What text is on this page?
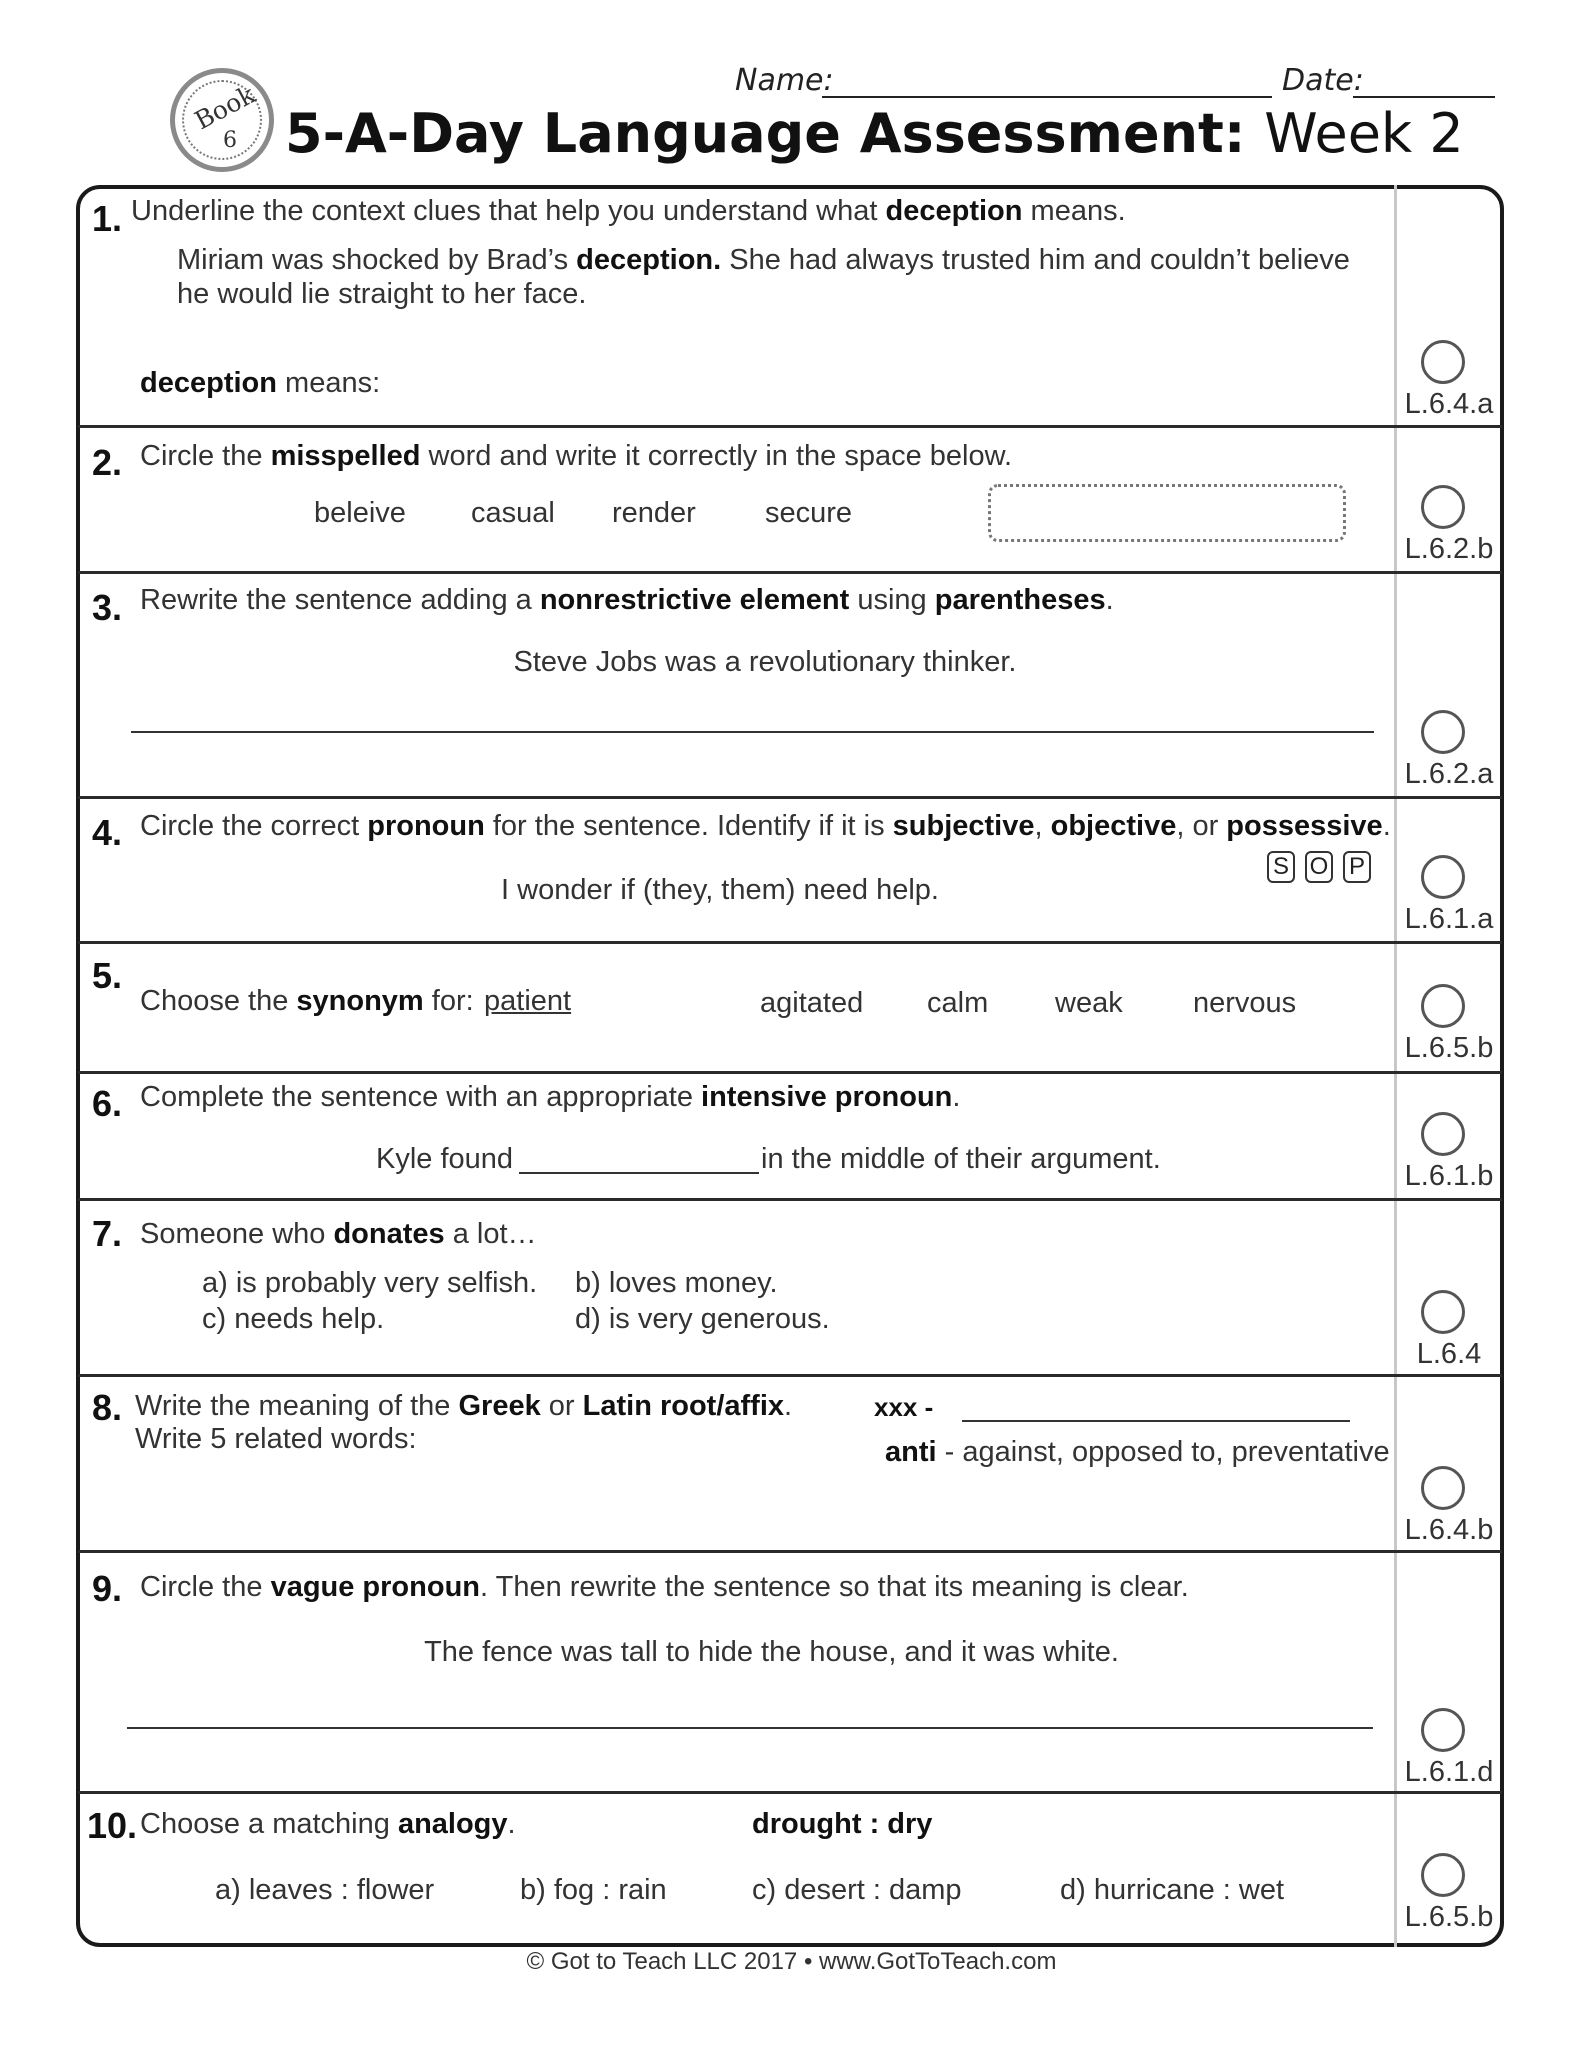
Book
6
Name:	Date:
5-A-Day Language Assessment: Week 2
1. Underline the context clues that help you understand what deception means.
Miriam was shocked by Brad’s deception. She had always trusted him and couldn’t believe
he would lie straight to her face.
deception means:
L.6.4.a
2. Circle the misspelled word and write it correctly in the space below.
beleive casual render secure
L.6.2.b
3. Rewrite the sentence adding a nonrestrictive element using parentheses.
Steve Jobs was a revolutionary thinker.
L.6.2.a
4. Circle the correct pronoun for the sentence. Identify if it is subjective, objective, or possessive.
S O P
I wonder if (they, them) need help.
L.6.1.a
5.
Choose the synonym for: patient	agitated calm weak nervous
L.6.5.b
6. Complete the sentence with an appropriate intensive pronoun.
Kyle found	in the middle of their argument.
L.6.1.b
7. Someone who donates a lot…
a) is probably very selfish. b) loves money.
c) needs help.	d) is very generous.
L.6.4
8. Write the meaning of the Greek or Latin root/affix.
Write 5 related words:
xxx -
anti - against, opposed to, preventative
L.6.4.b
9. Circle the vague pronoun. Then rewrite the sentence so that its meaning is clear.
The fence was tall to hide the house, and it was white.
L.6.1.d
10. Choose a matching analogy.	drought : dry
a) leaves : flower	b) fog : rain	c) desert : damp	d) hurricane : wet
L.6.5.b
© Got to Teach LLC 2017 • www.GotToTeach.com
